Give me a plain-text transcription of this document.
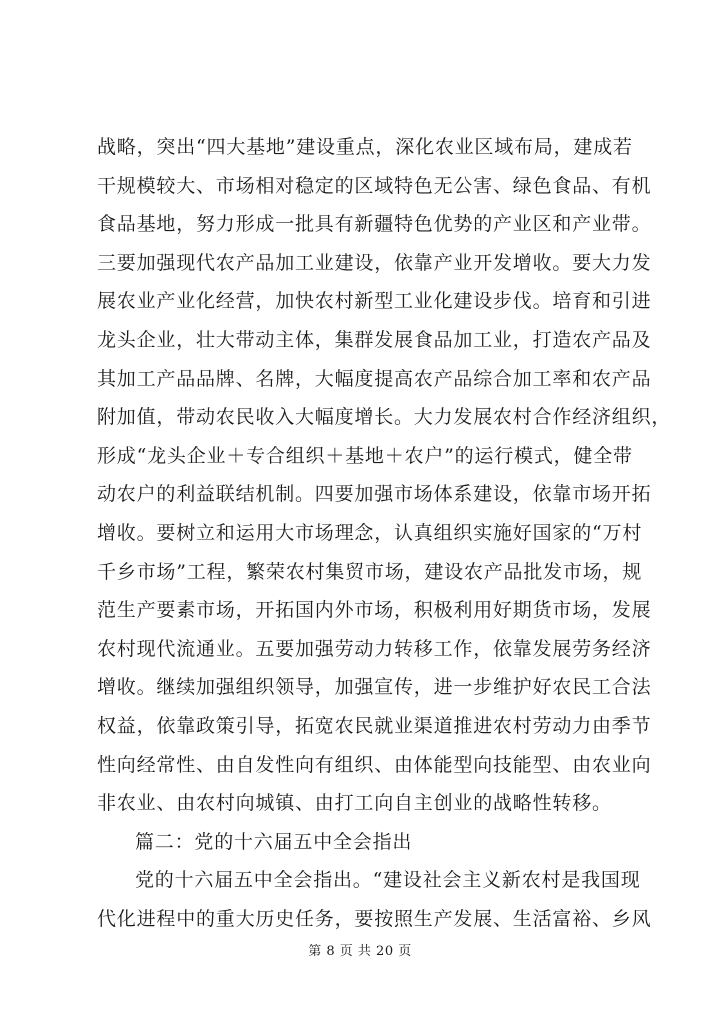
战略，突出“四大基地”建设重点，深化农业区域布局，建成若
干规模较大、市场相对稳定的区域特色无公害、绿色食品、有机
食品基地，努力形成一批具有新疆特色优势的产业区和产业带。
三要加强现代农产品加工业建设，依靠产业开发增收。要大力发
展农业产业化经营，加快农村新型工业化建设步伐。培育和引进
龙头企业，壮大带动主体，集群发展食品加工业，打造农产品及
其加工产品品牌、名牌，大幅度提高农产品综合加工率和农产品
附加值，带动农民收入大幅度增长。大力发展农村合作经济组织，
形成“龙头企业＋专合组织＋基地＋农户”的运行模式，健全带
动农户的利益联结机制。四要加强市场体系建设，依靠市场开拓
增收。要树立和运用大市场理念，认真组织实施好国家的“万村
千乡市场”工程，繁荣农村集贸市场，建设农产品批发市场，规
范生产要素市场，开拓国内外市场，积极利用好期货市场，发展
农村现代流通业。五要加强劳动力转移工作，依靠发展劳务经济
增收。继续加强组织领导，加强宣传，进一步维护好农民工合法
权益，依靠政策引导，拓宽农民就业渠道推进农村劳动力由季节
性向经常性、由自发性向有组织、由体能型向技能型、由农业向
非农业、由农村向城镇、由打工向自主创业的战略性转移。
篇二：党的十六届五中全会指出
党的十六届五中全会指出。“建设社会主义新农村是我国现
代化进程中的重大历史任务，要按照生产发展、生活富裕、乡风
第 8 页 共 20 页
